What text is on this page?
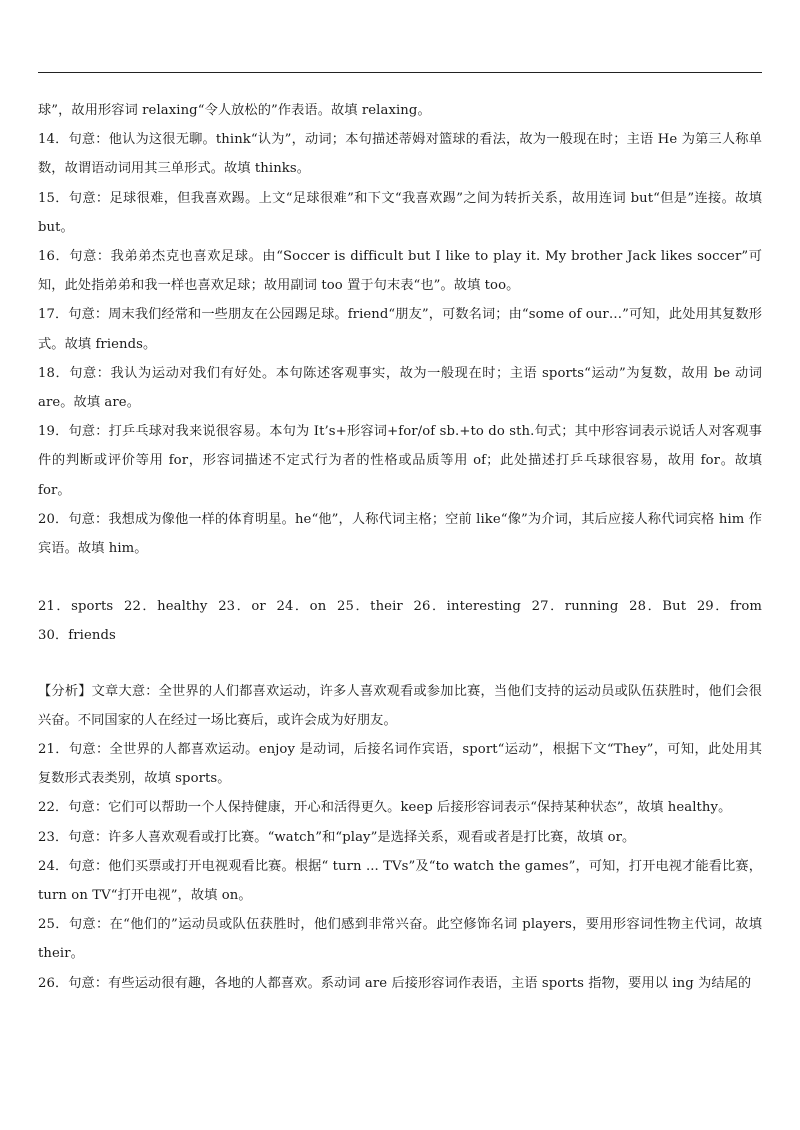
球”，故用形容词 relaxing“令人放松的”作表语。故填 relaxing。

14．句意：他认为这很无聊。think“认为”，动词；本句描述蒂姆对篮球的看法，故为一般现在时；主语 He 为第三人称单数，故谓语动词用其三单形式。故填 thinks。

15．句意：足球很难，但我喜欢踢。上文“足球很难”和下文“我喜欢踢”之间为转折关系，故用连词 but“但是”连接。故填 but。

16．句意：我弟弟杰克也喜欢足球。由“Soccer is difficult but I like to play it. My brother Jack likes soccer”可知，此处指弟弟和我一样也喜欢足球；故用副词 too 置于句末表“也”。故填 too。

17．句意：周末我们经常和一些朋友在公园踢足球。friend“朋友”，可数名词；由“some of our…”可知，此处用其复数形式。故填 friends。

18．句意：我认为运动对我们有好处。本句陈述客观事实，故为一般现在时；主语 sports“运动”为复数，故用 be 动词 are。故填 are。

19．句意：打乒乓球对我来说很容易。本句为 It’s+形容词+for/of sb.+to do sth.句式；其中形容词表示说话人对客观事件的判断或评价等用 for，形容词描述不定式行为者的性格或品质等用 of；此处描述打乒乓球很容易，故用 for。故填 for。

20．句意：我想成为像他一样的体育明星。he“他”，人称代词主格；空前 like“像”为介词，其后应接人称代词宾格 him 作宾语。故填 him。

21．sports 22．healthy 23．or 24．on 25．their 26．interesting 27．running 28．But 29．from 30．friends

【分析】文章大意：全世界的人们都喜欢运动，许多人喜欢观看或参加比赛，当他们支持的运动员或队伍获胜时，他们会很兴奋。不同国家的人在经过一场比赛后，或许会成为好朋友。

21．句意：全世界的人都喜欢运动。enjoy 是动词，后接名词作宾语，sport“运动”，根据下文“They”，可知，此处用其复数形式表类别，故填 sports。

22．句意：它们可以帮助一个人保持健康，开心和活得更久。keep 后接形容词表示“保持某种状态”，故填 healthy。

23．句意：许多人喜欢观看或打比赛。“watch”和“play”是选择关系，观看或者是打比赛，故填 or。

24．句意：他们买票或打开电视观看比赛。根据“ turn ... TVs”及“to watch the games”，可知，打开电视才能看比赛，turn on TV“打开电视”，故填 on。

25．句意：在“他们的”运动员或队伍获胜时，他们感到非常兴奋。此空修饰名词 players，要用形容词性物主代词，故填 their。

26．句意：有些运动很有趣，各地的人都喜欢。系动词 are 后接形容词作表语，主语 sports 指物，要用以 ing 为结尾的
